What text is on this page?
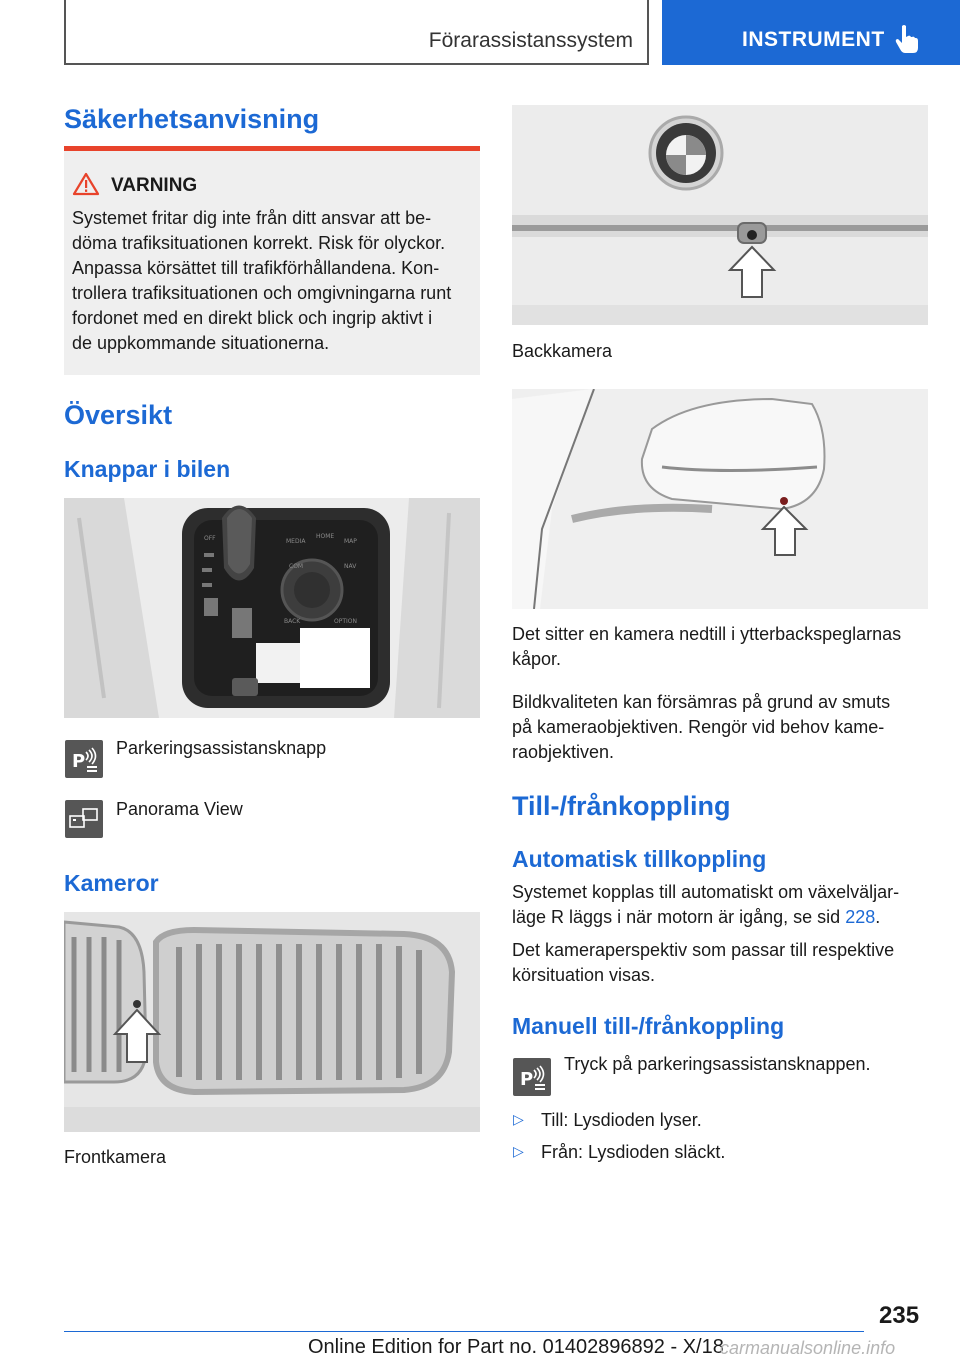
Förarassistanssystem	INSTRUMENT
Säkerhetsanvisning
VARNING
Systemet fritar dig inte från ditt ansvar att be-
döma trafiksituationen korrekt. Risk för olyckor.
Anpassa körsättet till trafikförhållandena. Kon-
trollera trafiksituationen och omgivningarna runt
fordonet med en direkt blick och ingrip aktivt i
de uppkommande situationerna.
Översikt
Knappar i bilen
OFF	MEDIA
HOME
MAP
COM	NAV
BACK	OPTION
P
Parkeringsassistansknapp
Panorama View
Kameror
Frontkamera
Backkamera
Det sitter en kamera nedtill i ytterbackspeglarnas
kåpor.
Bildkvaliteten kan försämras på grund av smuts
på kameraobjektiven. Rengör vid behov kame-
raobjektiven.
Till-/frånkoppling
Automatisk tillkoppling
Systemet kopplas till automatiskt om växelväljar-
läge R läggs i när motorn är igång, se sid 228.
Det kameraperspektiv som passar till respektive
körsituation visas.
Manuell till-/frånkoppling
P
Tryck på parkeringsassistansknappen.
▷ Till: Lysdioden lyser.
▷ Från: Lysdioden släckt.
235
Online Edition for Part no. 01402896892 - X/18
carmanualsonline.info
